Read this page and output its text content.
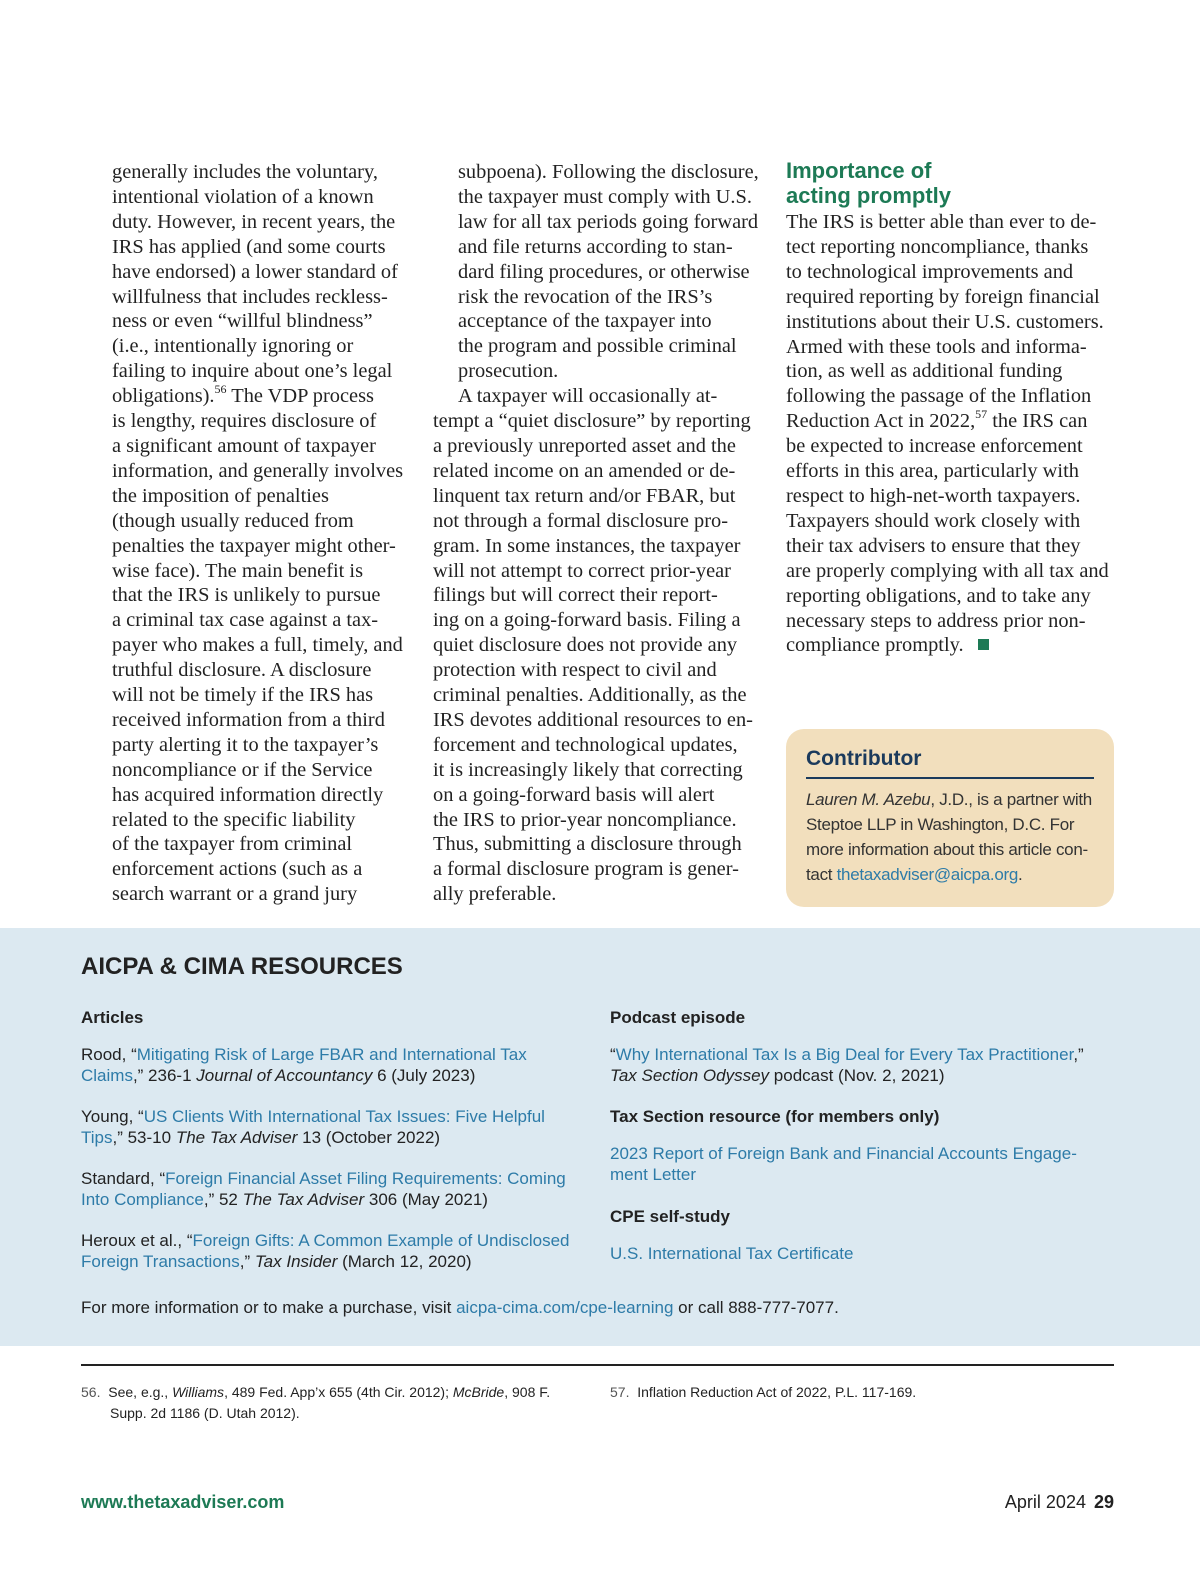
generally includes the voluntary,
intentional violation of a known
duty. However, in recent years, the
IRS has applied (and some courts
have endorsed) a lower standard of
willfulness that includes reckless-
ness or even “willful blindness”
(i.e., intentionally ignoring or
failing to inquire about one’s legal
obligations).$^{56}$ The VDP process
is lengthy, requires disclosure of
a significant amount of taxpayer
information, and generally involves
the imposition of penalties
(though usually reduced from
penalties the taxpayer might other-
wise face). The main benefit is
that the IRS is unlikely to pursue
a criminal tax case against a tax-
payer who makes a full, timely, and
truthful disclosure. A disclosure
will not be timely if the IRS has
received information from a third
party alerting it to the taxpayer’s
noncompliance or if the Service
has acquired information directly
related to the specific liability
of the taxpayer from criminal
enforcement actions (such as a
search warrant or a grand jury
subpoena). Following the disclosure,
the taxpayer must comply with U.S.
law for all tax periods going forward
and file returns according to stan-
dard filing procedures, or otherwise
risk the revocation of the IRS’s
acceptance of the taxpayer into
the program and possible criminal
prosecution.
A taxpayer will occasionally at-
tempt a “quiet disclosure” by reporting
a previously unreported asset and the
related income on an amended or de-
linquent tax return and/or FBAR, but
not through a formal disclosure pro-
gram. In some instances, the taxpayer
will not attempt to correct prior-year
filings but will correct their report-
ing on a going-forward basis. Filing a
quiet disclosure does not provide any
protection with respect to civil and
criminal penalties. Additionally, as the
IRS devotes additional resources to en-
forcement and technological updates,
it is increasingly likely that correcting
on a going-forward basis will alert
the IRS to prior-year noncompliance.
Thus, submitting a disclosure through
a formal disclosure program is gener-
ally preferable.
Importance of
acting promptly
The IRS is better able than ever to de-
tect reporting noncompliance, thanks
to technological improvements and
required reporting by foreign financial
institutions about their U.S. customers.
Armed with these tools and informa-
tion, as well as additional funding
following the passage of the Inflation
Reduction Act in 2022,57 the IRS can
be expected to increase enforcement
efforts in this area, particularly with
respect to high-net-worth taxpayers.
Taxpayers should work closely with
their tax advisers to ensure that they
are properly complying with all tax and
reporting obligations, and to take any
necessary steps to address prior non-
compliance promptly.
Contributor
Lauren M. Azebu, J.D., is a partner with
Steptoe LLP in Washington, D.C. For
more information about this article con-
tact thetaxadviser@aicpa.org.
AICPA & CIMA RESOURCES
Articles
Rood, “Mitigating Risk of Large FBAR and International Tax
Claims,” 236-1 Journal of Accountancy 6 (July 2023)
Young, “US Clients With International Tax Issues: Five Helpful
Tips,” 53-10 The Tax Adviser 13 (October 2022)
Standard, “Foreign Financial Asset Filing Requirements: Coming
Into Compliance,” 52 The Tax Adviser 306 (May 2021)
Heroux et al., “Foreign Gifts: A Common Example of Undisclosed
Foreign Transactions,” Tax Insider (March 12, 2020)
Podcast episode
“Why International Tax Is a Big Deal for Every Tax Practitioner,”
Tax Section Odyssey podcast (Nov. 2, 2021)
Tax Section resource (for members only)
2023 Report of Foreign Bank and Financial Accounts Engage-
ment Letter
CPE self-study
U.S. International Tax Certificate
For more information or to make a purchase, visit aicpa-cima.com/cpe-learning or call 888-777-7077.
56. See, e.g., Williams, 489 Fed. App’x 655 (4th Cir. 2012); McBride, 908 F.
Supp. 2d 1186 (D. Utah 2012).
57. Inflation Reduction Act of 2022, P.L. 117-169.
www.thetaxadviser.com	April 2024 29
